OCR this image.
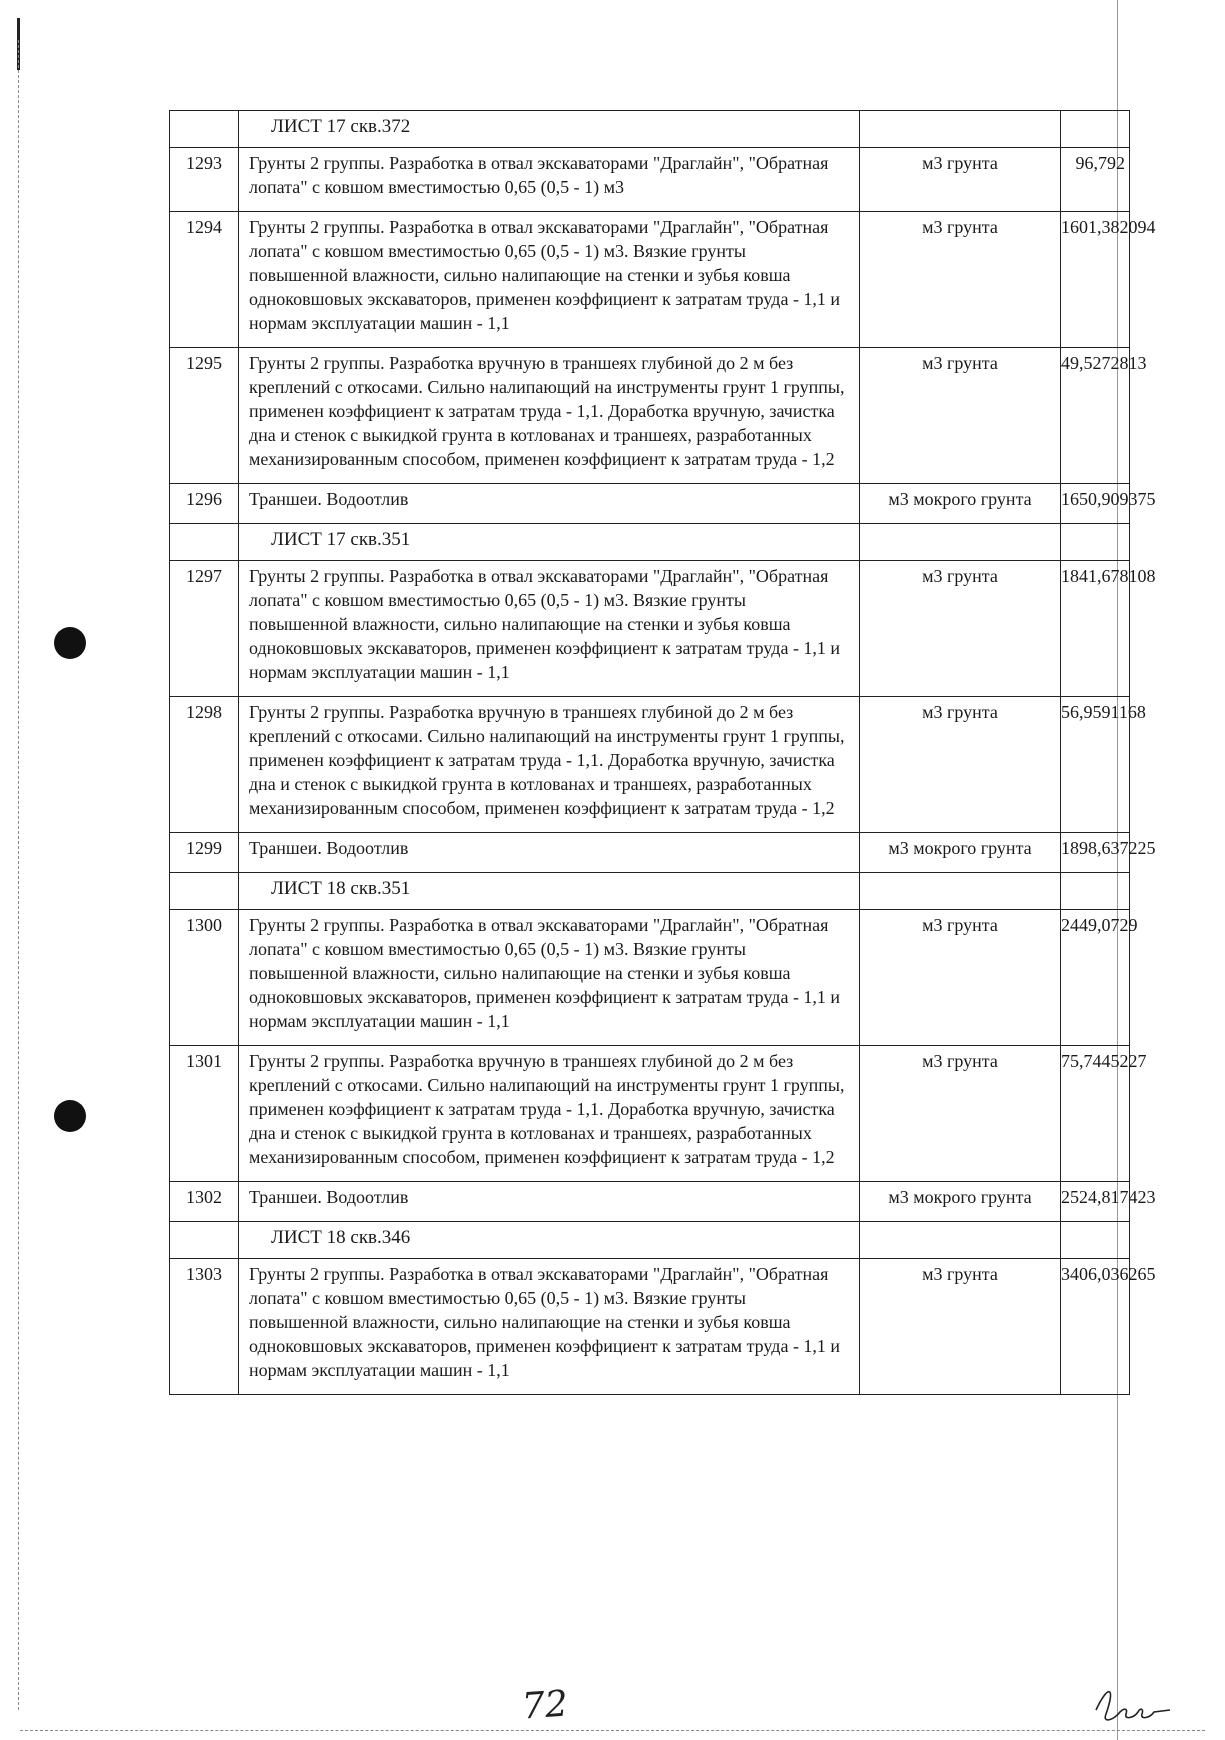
	ЛИСТ 17 скв.372		

1293	Грунты 2 группы. Разработка в отвал экскаваторами "Драглайн", "Обратная лопата" с ковшом вместимостью 0,65 (0,5 - 1) м3	м3 грунта	96,792

1294	Грунты 2 группы. Разработка в отвал экскаваторами "Драглайн", "Обратная лопата" с ковшом вместимостью 0,65 (0,5 - 1) м3. Вязкие грунты повышенной влажности, сильно налипающие на стенки и зубья ковша одноковшовых экскаваторов, применен коэффициент к затратам труда - 1,1 и нормам эксплуатации машин - 1,1	м3 грунта	1601,382094

1295	Грунты 2 группы. Разработка вручную в траншеях глубиной до 2 м без креплений с откосами. Сильно налипающий на инструменты грунт 1 группы, применен коэффициент к затратам труда - 1,1. Доработка вручную, зачистка дна и стенок с выкидкой грунта в котлованах и траншеях, разработанных механизированным способом, применен коэффициент к затратам труда - 1,2	м3 грунта	49,5272813

1296	Траншеи. Водоотлив	м3 мокрого грунта	1650,909375

	ЛИСТ 17 скв.351		

1297	Грунты 2 группы. Разработка в отвал экскаваторами "Драглайн", "Обратная лопата" с ковшом вместимостью 0,65 (0,5 - 1) м3. Вязкие грунты повышенной влажности, сильно налипающие на стенки и зубья ковша одноковшовых экскаваторов, применен коэффициент к затратам труда - 1,1 и нормам эксплуатации машин - 1,1	м3 грунта	1841,678108

1298	Грунты 2 группы. Разработка вручную в траншеях глубиной до 2 м без креплений с откосами. Сильно налипающий на инструменты грунт 1 группы, применен коэффициент к затратам труда - 1,1. Доработка вручную, зачистка дна и стенок с выкидкой грунта в котлованах и траншеях, разработанных механизированным способом, применен коэффициент к затратам труда - 1,2	м3 грунта	56,9591168

1299	Траншеи. Водоотлив	м3 мокрого грунта	1898,637225

	ЛИСТ 18 скв.351		

1300	Грунты 2 группы. Разработка в отвал экскаваторами "Драглайн", "Обратная лопата" с ковшом вместимостью 0,65 (0,5 - 1) м3. Вязкие грунты повышенной влажности, сильно налипающие на стенки и зубья ковша одноковшовых экскаваторов, применен коэффициент к затратам труда - 1,1 и нормам эксплуатации машин - 1,1	м3 грунта	2449,0729

1301	Грунты 2 группы. Разработка вручную в траншеях глубиной до 2 м без креплений с откосами. Сильно налипающий на инструменты грунт 1 группы, применен коэффициент к затратам труда - 1,1. Доработка вручную, зачистка дна и стенок с выкидкой грунта в котлованах и траншеях, разработанных механизированным способом, применен коэффициент к затратам труда - 1,2	м3 грунта	75,7445227

1302	Траншеи. Водоотлив	м3 мокрого грунта	2524,817423

	ЛИСТ 18 скв.346		

1303	Грунты 2 группы. Разработка в отвал экскаваторами "Драглайн", "Обратная лопата" с ковшом вместимостью 0,65 (0,5 - 1) м3. Вязкие грунты повышенной влажности, сильно налипающие на стенки и зубья ковша одноковшовых экскаваторов, применен коэффициент к затратам труда - 1,1 и нормам эксплуатации машин - 1,1	м3 грунта	3406,036265
72
